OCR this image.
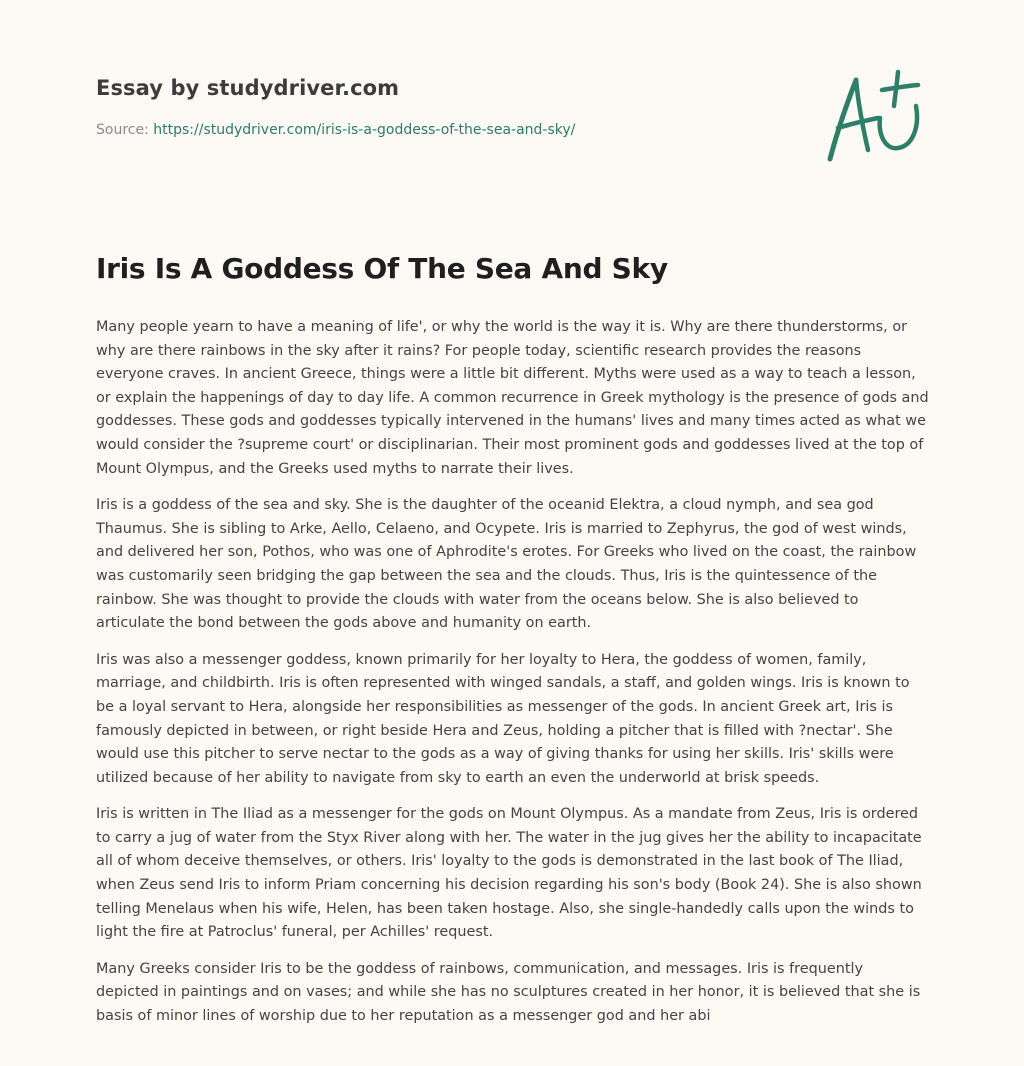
Essay by studydriver.com
Source: https://studydriver.com/iris-is-a-goddess-of-the-sea-and-sky/
Iris Is A Goddess Of The Sea And Sky

Many people yearn to have a meaning of life', or why the world is the way it is. Why are there thunderstorms, or why are there rainbows in the sky after it rains? For people today, scientific research provides the reasons everyone craves. In ancient Greece, things were a little bit different. Myths were used as a way to teach a lesson, or explain the happenings of day to day life. A common recurrence in Greek mythology is the presence of gods and goddesses. These gods and goddesses typically intervened in the humans' lives and many times acted as what we would consider the ?supreme court' or disciplinarian. Their most prominent gods and goddesses lived at the top of Mount Olympus, and the Greeks used myths to narrate their lives.

Iris is a goddess of the sea and sky. She is the daughter of the oceanid Elektra, a cloud nymph, and sea god Thaumus. She is sibling to Arke, Aello, Celaeno, and Ocypete. Iris is married to Zephyrus, the god of west winds, and delivered her son, Pothos, who was one of Aphrodite's erotes. For Greeks who lived on the coast, the rainbow was customarily seen bridging the gap between the sea and the clouds. Thus, Iris is the quintessence of the rainbow. She was thought to provide the clouds with water from the oceans below. She is also believed to articulate the bond between the gods above and humanity on earth.

Iris was also a messenger goddess, known primarily for her loyalty to Hera, the goddess of women, family, marriage, and childbirth. Iris is often represented with winged sandals, a staff, and golden wings. Iris is known to be a loyal servant to Hera, alongside her responsibilities as messenger of the gods. In ancient Greek art, Iris is famously depicted in between, or right beside Hera and Zeus, holding a pitcher that is filled with ?nectar'. She would use this pitcher to serve nectar to the gods as a way of giving thanks for using her skills. Iris' skills were utilized because of her ability to navigate from sky to earth an even the underworld at brisk speeds.

Iris is written in The Iliad as a messenger for the gods on Mount Olympus. As a mandate from Zeus, Iris is ordered to carry a jug of water from the Styx River along with her. The water in the jug gives her the ability to incapacitate all of whom deceive themselves, or others. Iris' loyalty to the gods is demonstrated in the last book of The Iliad, when Zeus send Iris to inform Priam concerning his decision regarding his son's body (Book 24). She is also shown telling Menelaus when his wife, Helen, has been taken hostage. Also, she single-handedly calls upon the winds to light the fire at Patroclus' funeral, per Achilles' request.

Many Greeks consider Iris to be the goddess of rainbows, communication, and messages. Iris is frequently depicted in paintings and on vases; and while she has no sculptures created in her honor, it is believed that she is basis of minor lines of worship due to her reputation as a messenger god and her abi
